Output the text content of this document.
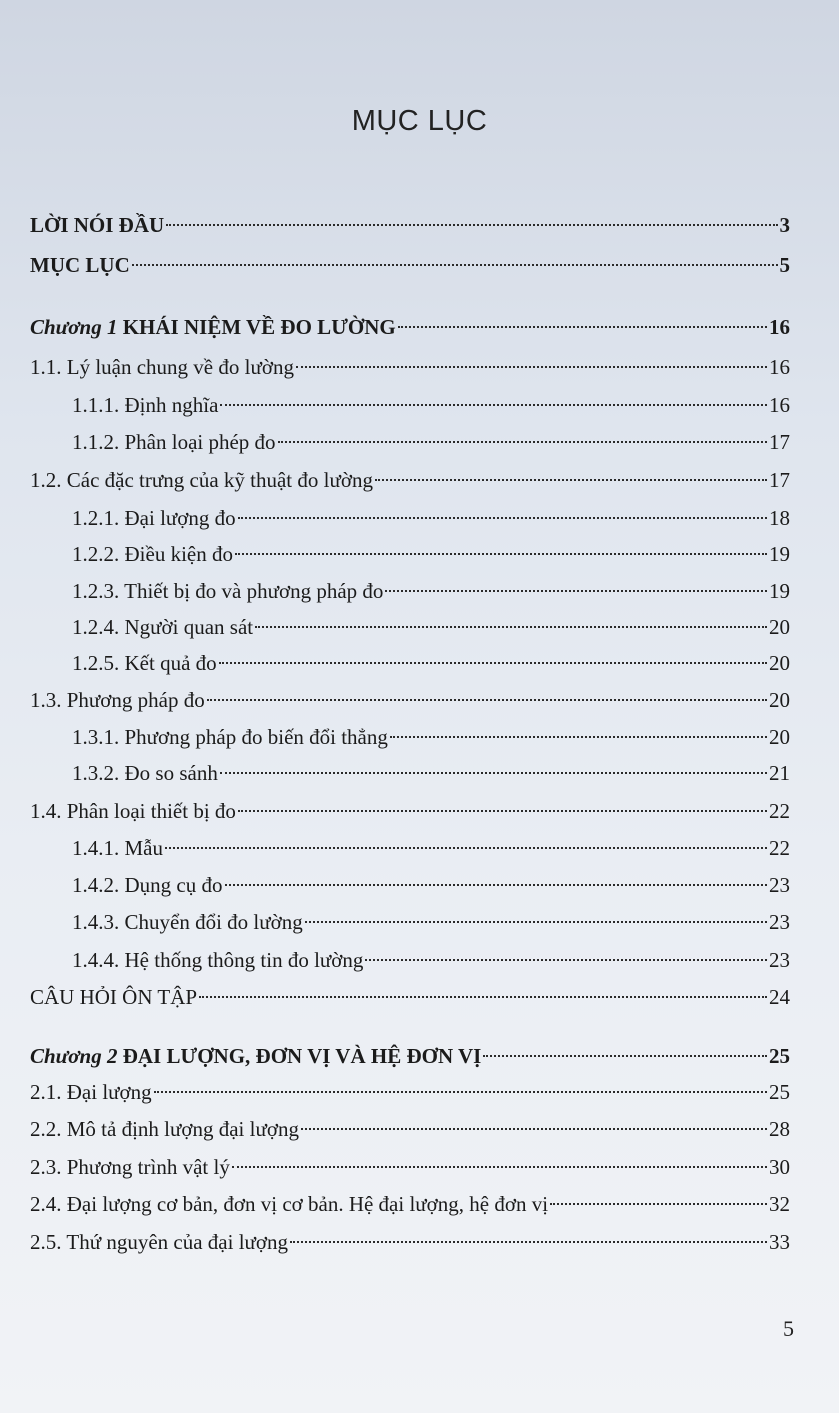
MỤC LỤC
LỜI NÓI ĐẦU	3
MỤC LỤC	5
Chương 1 KHÁI NIỆM VỀ ĐO LƯỜNG	16
1.1. Lý luận chung về đo lường	16
1.1.1. Định nghĩa	16
1.1.2. Phân loại phép đo	17
1.2. Các đặc trưng của kỹ thuật đo lường	17
1.2.1. Đại lượng đo	18
1.2.2. Điều kiện đo	19
1.2.3. Thiết bị đo và phương pháp đo	19
1.2.4. Người quan sát	20
1.2.5. Kết quả đo	20
1.3. Phương pháp đo	20
1.3.1. Phương pháp đo biến đổi thẳng	20
1.3.2. Đo so sánh	21
1.4. Phân loại thiết bị đo	22
1.4.1. Mẫu	22
1.4.2. Dụng cụ đo	23
1.4.3. Chuyển đổi đo lường	23
1.4.4. Hệ thống thông tin đo lường	23
CÂU HỎI ÔN TẬP	24
Chương 2 ĐẠI LƯỢNG, ĐƠN VỊ VÀ HỆ ĐƠN VỊ	25
2.1. Đại lượng	25
2.2. Mô tả định lượng đại lượng	28
2.3. Phương trình vật lý	30
2.4. Đại lượng cơ bản, đơn vị cơ bản. Hệ đại lượng, hệ đơn vị	32
2.5. Thứ nguyên của đại lượng	33
5
